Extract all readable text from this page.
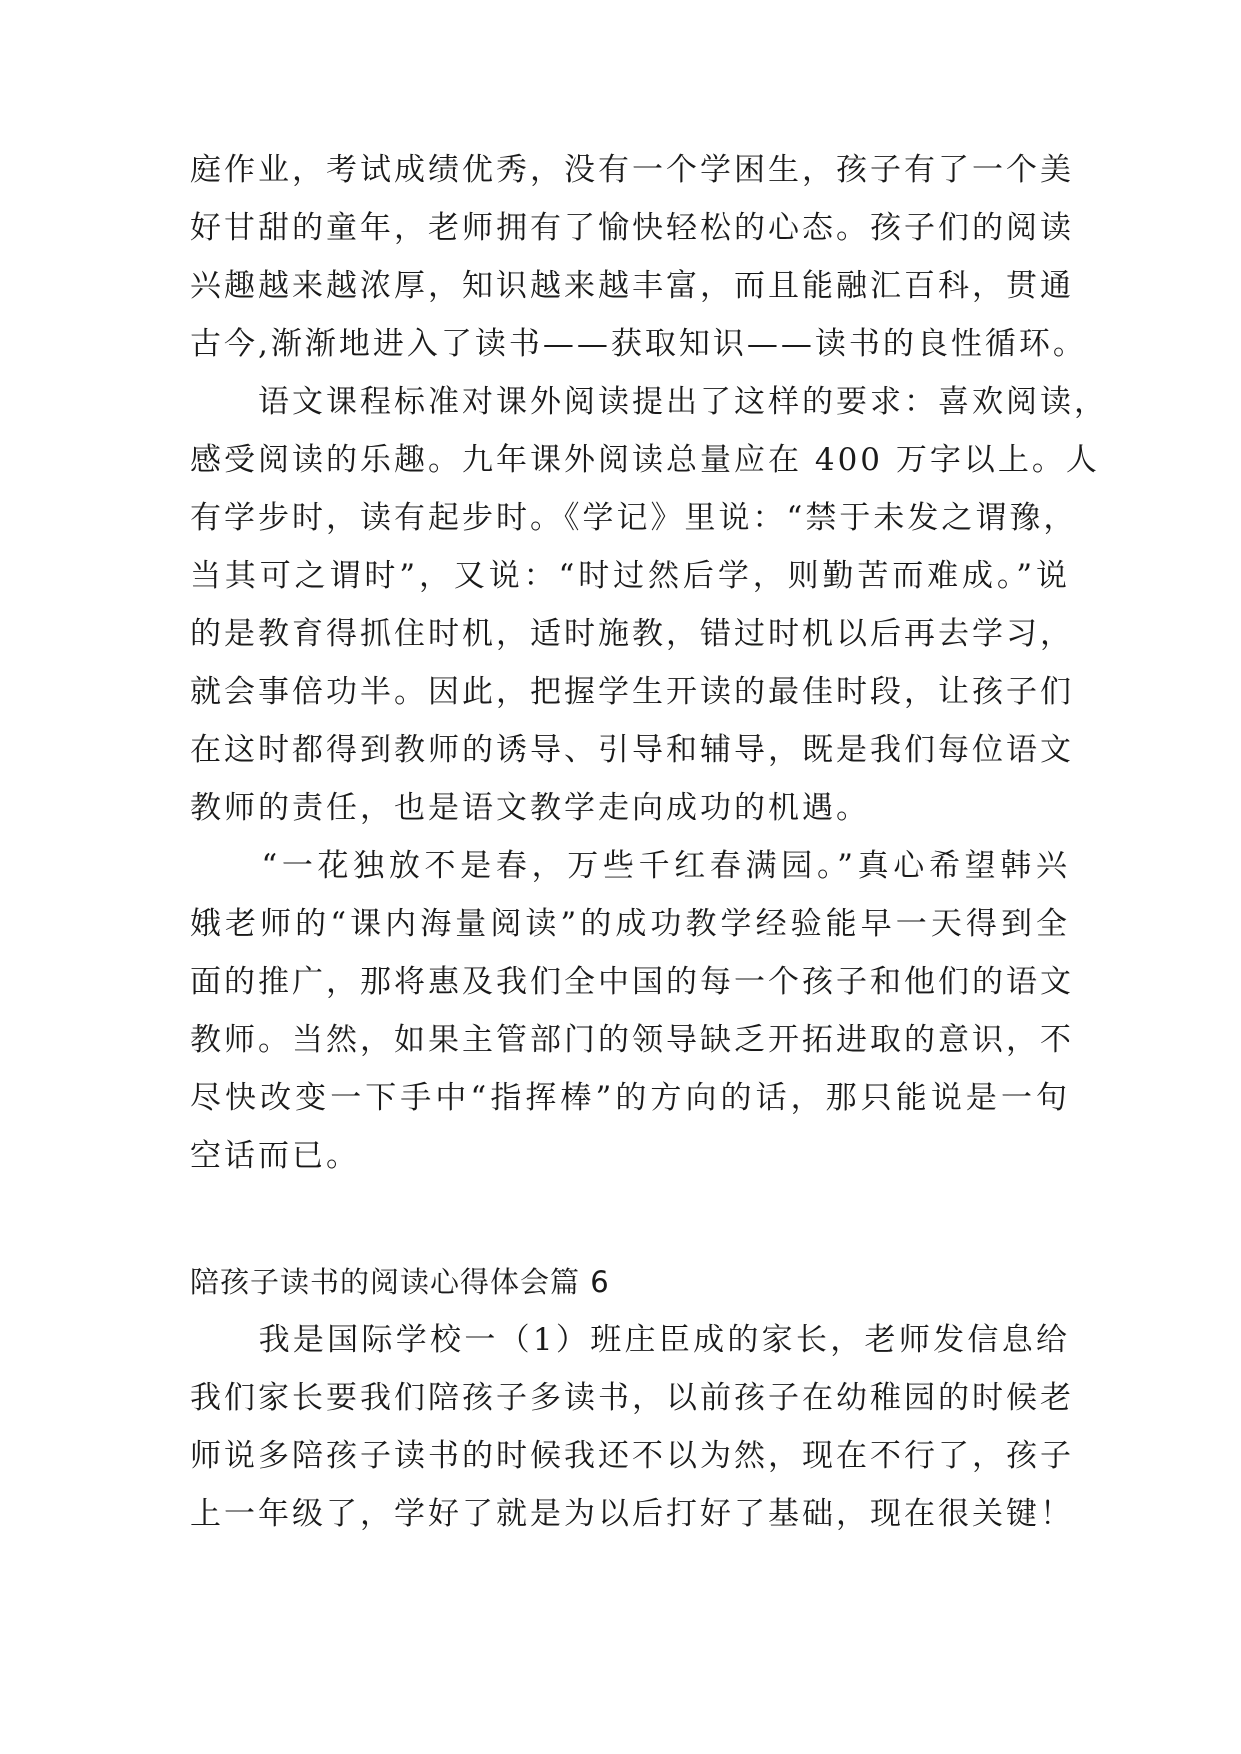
庭作业，考试成绩优秀，没有一个学困生，孩子有了一个美
好甘甜的童年，老师拥有了愉快轻松的心态。孩子们的阅读
兴趣越来越浓厚，知识越来越丰富，而且能融汇百科，贯通
古今,渐渐地进入了读书——获取知识——读书的良性循环。
　　语文课程标准对课外阅读提出了这样的要求：喜欢阅读，
感受阅读的乐趣。九年课外阅读总量应在 400 万字以上。人
有学步时，读有起步时。《学记》里说：“禁于未发之谓豫，
当其可之谓时”，又说：“时过然后学，则勤苦而难成。”说
的是教育得抓住时机，适时施教，错过时机以后再去学习，
就会事倍功半。因此，把握学生开读的最佳时段，让孩子们
在这时都得到教师的诱导、引导和辅导，既是我们每位语文
教师的责任，也是语文教学走向成功的机遇。
　　“一花独放不是春，万些千红春满园。”真心希望韩兴
娥老师的“课内海量阅读”的成功教学经验能早一天得到全
面的推广，那将惠及我们全中国的每一个孩子和他们的语文
教师。当然，如果主管部门的领导缺乏开拓进取的意识，不
尽快改变一下手中“指挥棒”的方向的话，那只能说是一句
空话而已。
陪孩子读书的阅读心得体会篇 6
　　我是国际学校一（1）班庄臣成的家长，老师发信息给
我们家长要我们陪孩子多读书，以前孩子在幼稚园的时候老
师说多陪孩子读书的时候我还不以为然，现在不行了，孩子
上一年级了，学好了就是为以后打好了基础，现在很关键！
